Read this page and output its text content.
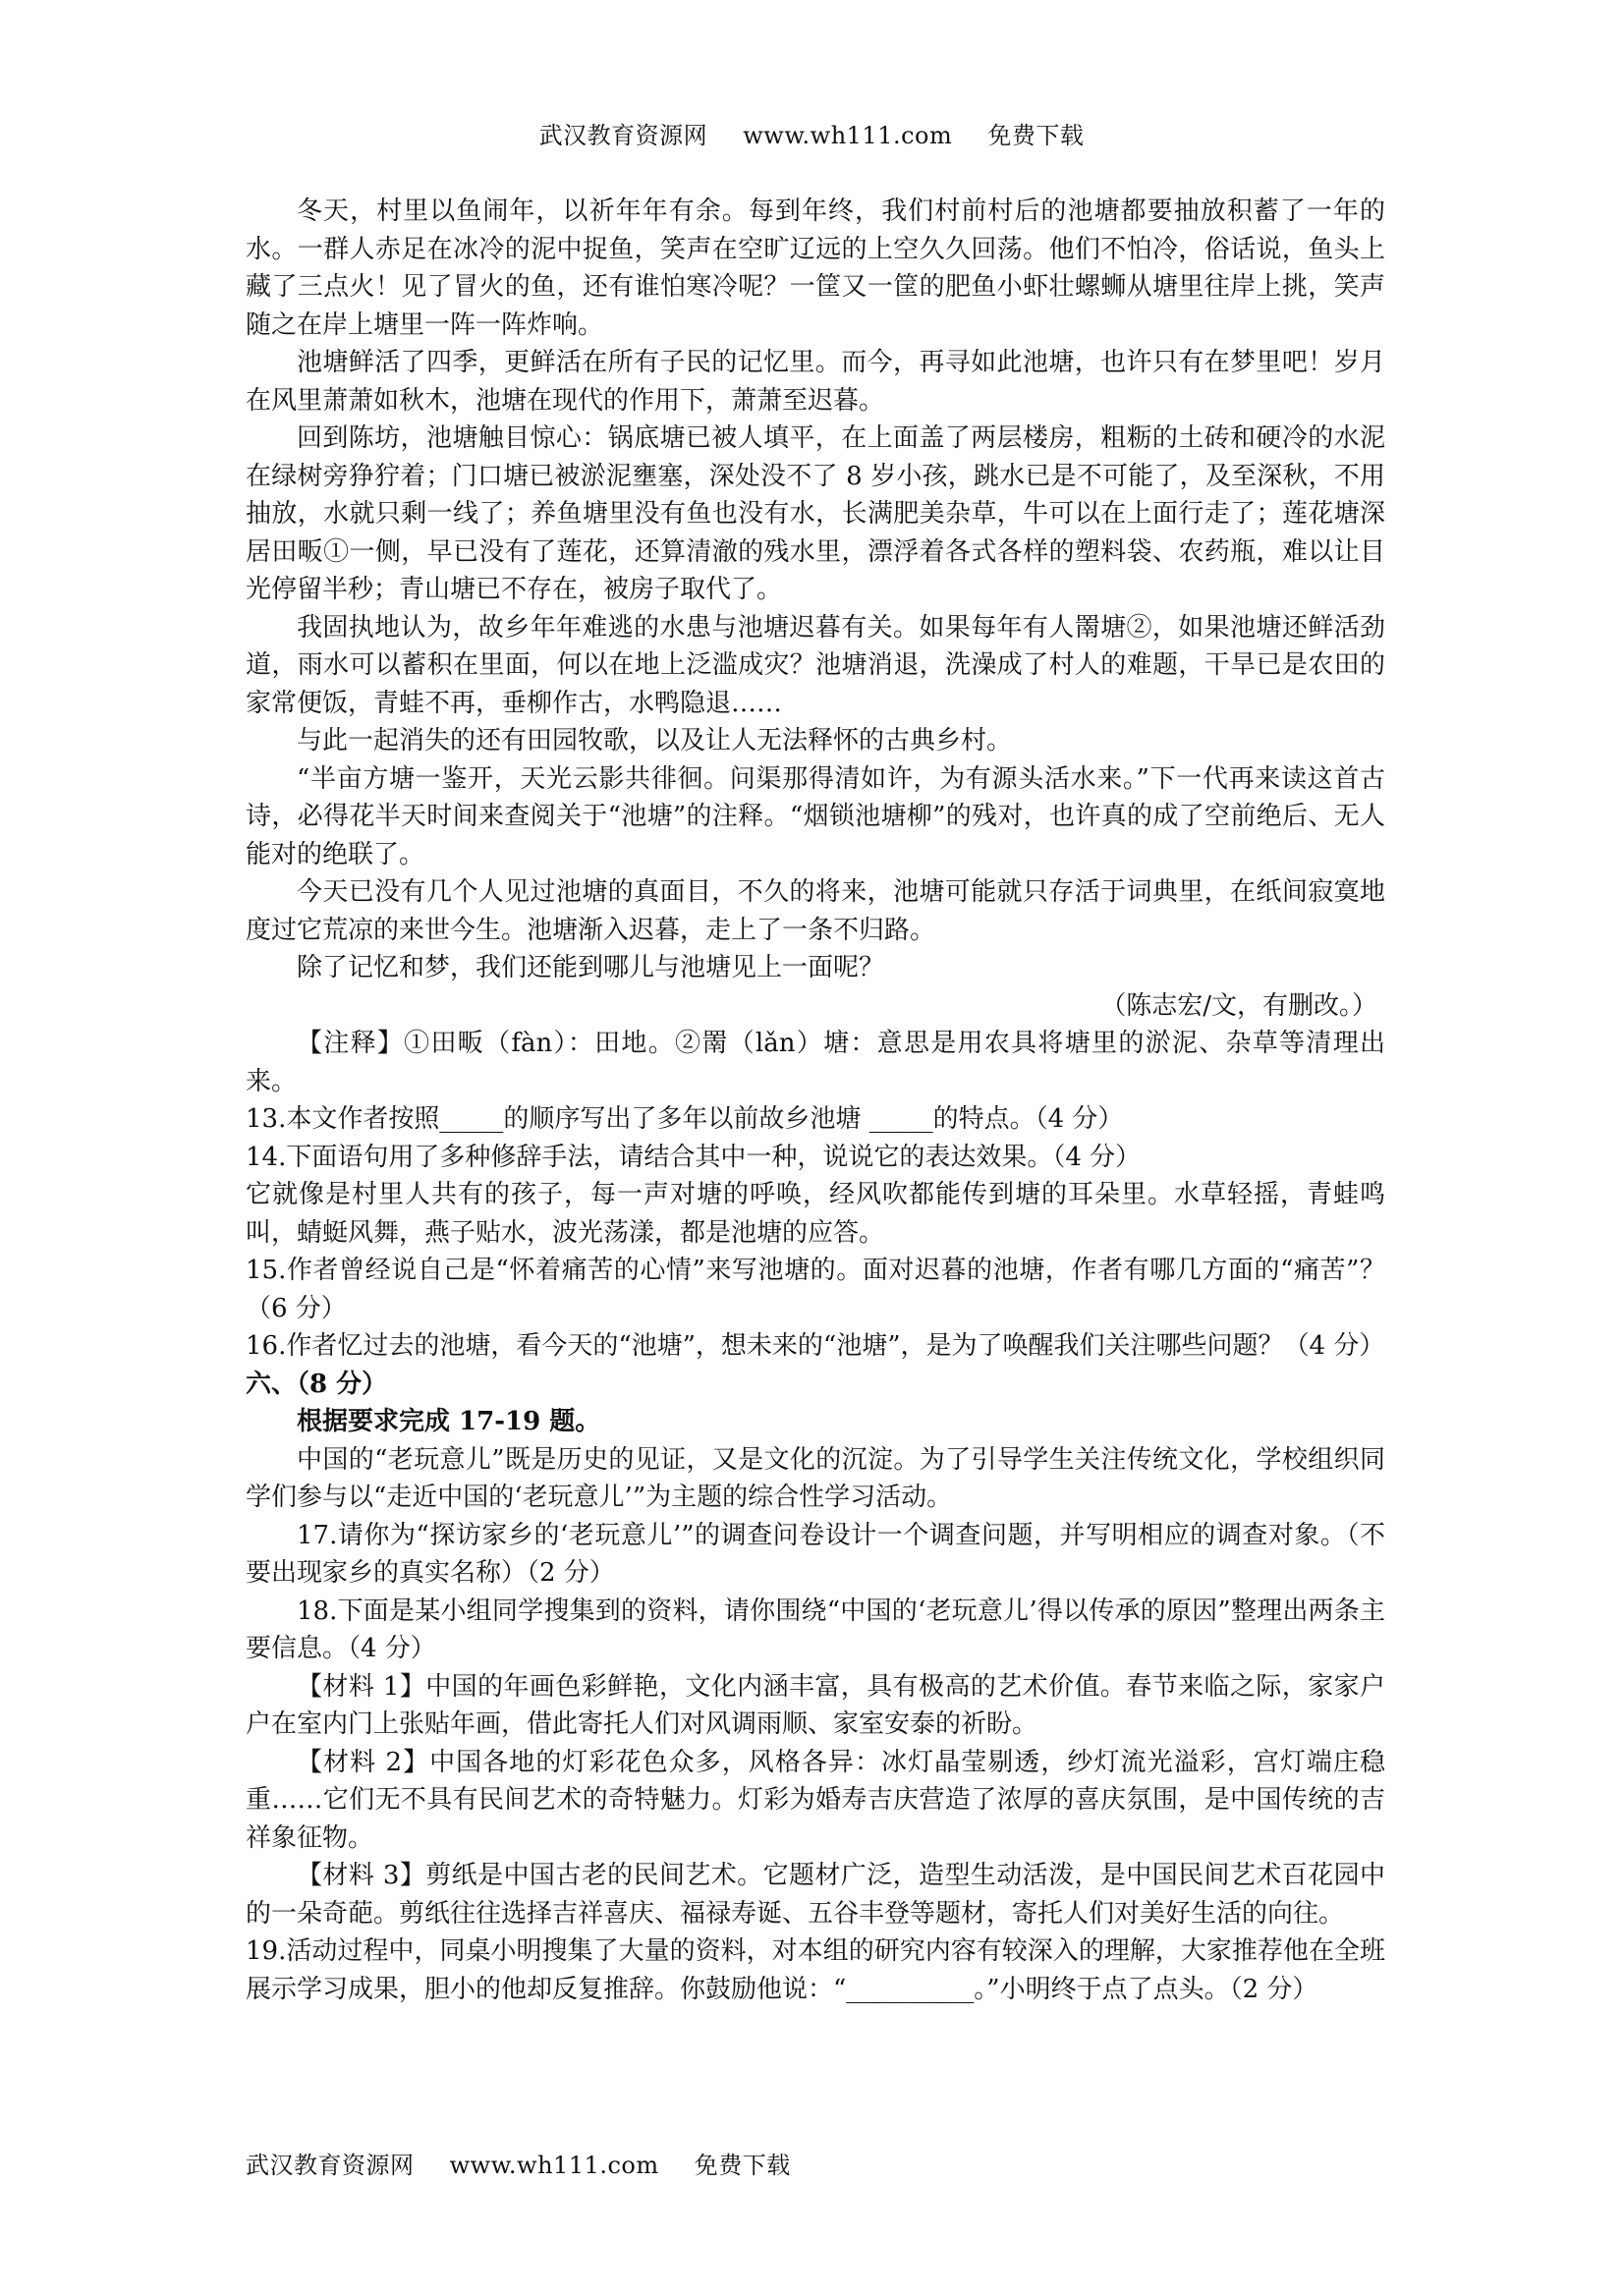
武汉教育资源网 www.wh111.com 免费下载

冬天，村里以鱼闹年，以祈年年有余。每到年终，我们村前村后的池塘都要抽放积蓄了一年的水。一群人赤足在冰冷的泥中捉鱼，笑声在空旷辽远的上空久久回荡。他们不怕冷，俗话说，鱼头上藏了三点火！见了冒火的鱼，还有谁怕寒冷呢？一筐又一筐的肥鱼小虾壮螺蛳从塘里往岸上挑，笑声随之在岸上塘里一阵一阵炸响。

池塘鲜活了四季，更鲜活在所有子民的记忆里。而今，再寻如此池塘，也许只有在梦里吧！岁月在风里萧萧如秋木，池塘在现代的作用下，萧萧至迟暮。

回到陈坊，池塘触目惊心：锅底塘已被人填平，在上面盖了两层楼房，粗粝的土砖和硬冷的水泥在绿树旁狰狞着；门口塘已被淤泥壅塞，深处没不了 8 岁小孩，跳水已是不可能了，及至深秋，不用抽放，水就只剩一线了；养鱼塘里没有鱼也没有水，长满肥美杂草，牛可以在上面行走了；莲花塘深居田畈①一侧，早已没有了莲花，还算清澈的残水里，漂浮着各式各样的塑料袋、农药瓶，难以让目光停留半秒；青山塘已不存在，被房子取代了。

我固执地认为，故乡年年难逃的水患与池塘迟暮有关。如果每年有人罱塘②，如果池塘还鲜活劲道，雨水可以蓄积在里面，何以在地上泛滥成灾？池塘消退，洗澡成了村人的难题，干旱已是农田的家常便饭，青蛙不再，垂柳作古，水鸭隐退……

与此一起消失的还有田园牧歌，以及让人无法释怀的古典乡村。

“半亩方塘一鉴开，天光云影共徘徊。问渠那得清如许，为有源头活水来。”下一代再来读这首古诗，必得花半天时间来查阅关于“池塘”的注释。“烟锁池塘柳”的残对，也许真的成了空前绝后、无人能对的绝联了。

今天已没有几个人见过池塘的真面目，不久的将来，池塘可能就只存活于词典里，在纸间寂寞地度过它荒凉的来世今生。池塘渐入迟暮，走上了一条不归路。

除了记忆和梦，我们还能到哪儿与池塘见上一面呢？

（陈志宏/文，有删改。）

【注释】①田畈（fàn）：田地。②罱（lǎn）塘：意思是用农具将塘里的淤泥、杂草等清理出来。

13.本文作者按照_____的顺序写出了多年以前故乡池塘 _____的特点。（4 分）

14.下面语句用了多种修辞手法，请结合其中一种，说说它的表达效果。（4 分）

它就像是村里人共有的孩子，每一声对塘的呼唤，经风吹都能传到塘的耳朵里。水草轻摇，青蛙鸣叫，蜻蜓风舞，燕子贴水，波光荡漾，都是池塘的应答。

15.作者曾经说自己是“怀着痛苦的心情”来写池塘的。面对迟暮的池塘，作者有哪几方面的“痛苦”？（6 分）

16.作者忆过去的池塘，看今天的“池塘”，想未来的“池塘”，是为了唤醒我们关注哪些问题？（4 分）

六、（8 分）

根据要求完成 17-19 题。

中国的“老玩意儿”既是历史的见证，又是文化的沉淀。为了引导学生关注传统文化，学校组织同学们参与以“走近中国的‘老玩意儿’”为主题的综合性学习活动。

17.请你为“探访家乡的‘老玩意儿’”的调查问卷设计一个调查问题，并写明相应的调查对象。（不要出现家乡的真实名称）（2 分）

18.下面是某小组同学搜集到的资料，请你围绕“中国的‘老玩意儿’得以传承的原因”整理出两条主要信息。（4 分）

【材料 1】中国的年画色彩鲜艳，文化内涵丰富，具有极高的艺术价值。春节来临之际，家家户户在室内门上张贴年画，借此寄托人们对风调雨顺、家室安泰的祈盼。

【材料 2】中国各地的灯彩花色众多，风格各异：冰灯晶莹剔透，纱灯流光溢彩，宫灯端庄稳重……它们无不具有民间艺术的奇特魅力。灯彩为婚寿吉庆营造了浓厚的喜庆氛围，是中国传统的吉祥象征物。

【材料 3】剪纸是中国古老的民间艺术。它题材广泛，造型生动活泼，是中国民间艺术百花园中的一朵奇葩。剪纸往往选择吉祥喜庆、福禄寿诞、五谷丰登等题材，寄托人们对美好生活的向往。

19.活动过程中，同桌小明搜集了大量的资料，对本组的研究内容有较深入的理解，大家推荐他在全班展示学习成果，胆小的他却反复推辞。你鼓励他说：“__________。”小明终于点了点头。（2 分）

武汉教育资源网 www.wh111.com 免费下载
